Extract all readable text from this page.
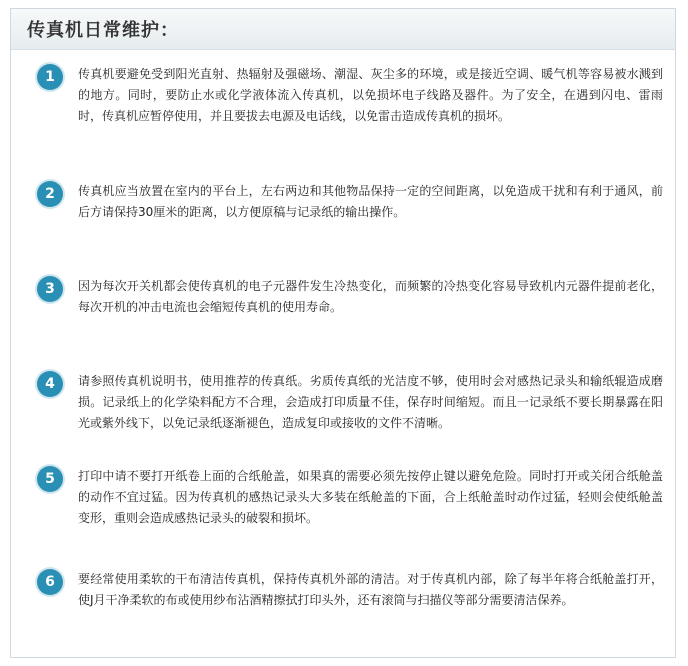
传真机日常维护：
1	传真机要避免受到阳光直射、热辐射及强磁场、潮湿、灰尘多的环境，或是接近空调、暖气机等容易被水溅到的地方。同时，要防止水或化学液体流入传真机，以免损坏电子线路及器件。为了安全，在遇到闪电、雷雨时，传真机应暂停使用，并且要拔去电源及电话线，以免雷击造成传真机的损坏。
2	传真机应当放置在室内的平台上，左右两边和其他物品保持一定的空间距离，以免造成干扰和有利于通风，前后方请保持30厘米的距离，以方便原稿与记录纸的输出操作。
3	因为每次开关机都会使传真机的电子元器件发生冷热变化，而频繁的冷热变化容易导致机内元器件提前老化，每次开机的冲击电流也会缩短传真机的使用寿命。
4	请参照传真机说明书，使用推荐的传真纸。劣质传真纸的光洁度不够，使用时会对感热记录头和输纸辊造成磨损。记录纸上的化学染料配方不合理，会造成打印质量不佳，保存时间缩短。而且一记录纸不要长期暴露在阳光或紫外线下，以免记录纸逐渐褪色，造成复印或接收的文件不清晰。
5	打印中请不要打开纸卷上面的合纸舱盖，如果真的需要必须先按停止键以避免危险。同时打开或关闭合纸舱盖的动作不宜过猛。因为传真机的感热记录头大多装在纸舱盖的下面，合上纸舱盖时动作过猛，轻则会使纸舱盖变形，重则会造成感热记录头的破裂和损坏。
6	要经常使用柔软的干布清洁传真机，保持传真机外部的清洁。对于传真机内部，除了每半年将合纸舱盖打开，使J月干净柔软的布或使用纱布沾酒精擦拭打印头外，还有滚筒与扫描仪等部分需要清洁保养。
